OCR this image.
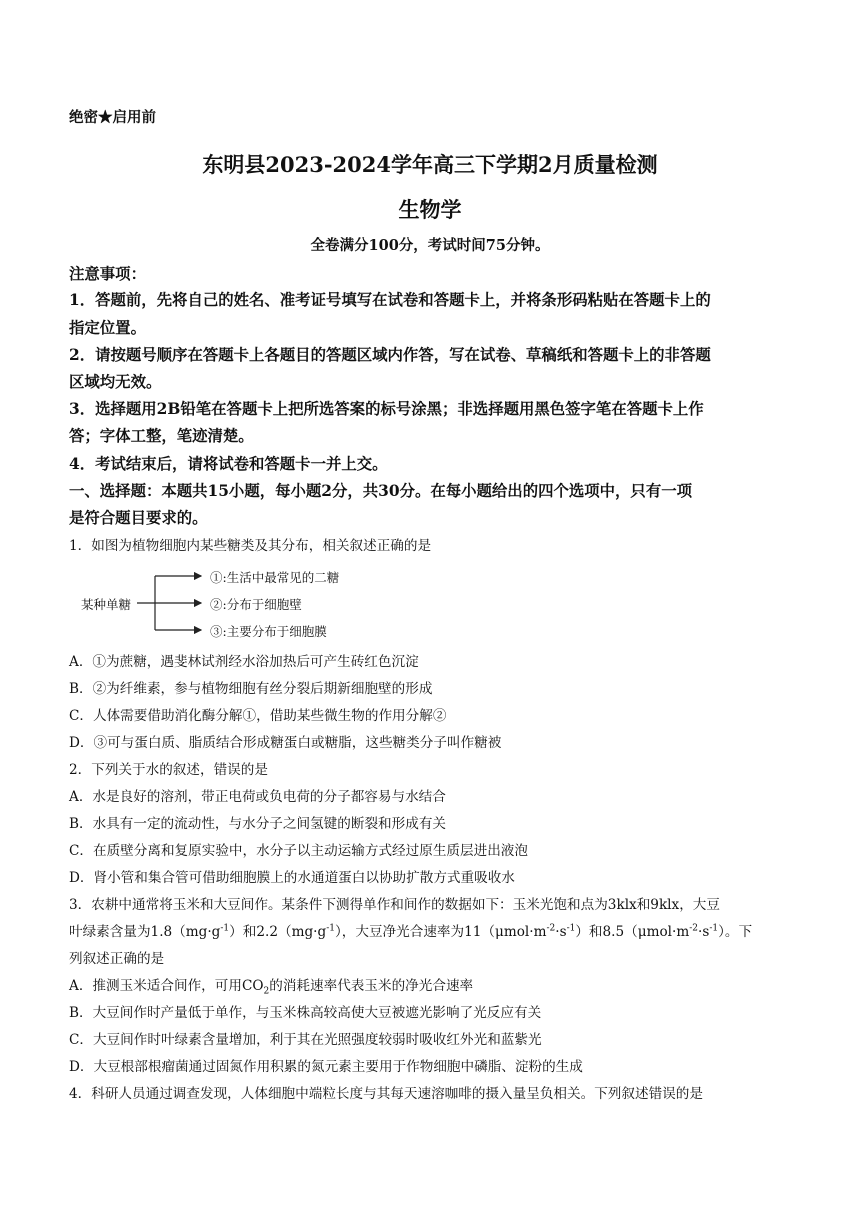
绝密★启用前
东明县2023-2024学年高三下学期2月质量检测
生物学
全卷满分100分，考试时间75分钟。
注意事项：
1．答题前，先将自己的姓名、准考证号填写在试卷和答题卡上，并将条形码粘贴在答题卡上的
指定位置。
2．请按题号顺序在答题卡上各题目的答题区域内作答，写在试卷、草稿纸和答题卡上的非答题
区域均无效。
3．选择题用2B铅笔在答题卡上把所选答案的标号涂黑；非选择题用黑色签字笔在答题卡上作
答；字体工整，笔迹清楚。
4．考试结束后，请将试卷和答题卡一并上交。
一、选择题：本题共15小题，每小题2分，共30分。在每小题给出的四个选项中，只有一项
是符合题目要求的。
1．如图为植物细胞内某些糖类及其分布，相关叙述正确的是
某种单糖
①:生活中最常见的二糖
②:分布于细胞壁
③:主要分布于细胞膜
A．①为蔗糖，遇斐林试剂经水浴加热后可产生砖红色沉淀
B．②为纤维素，参与植物细胞有丝分裂后期新细胞壁的形成
C．人体需要借助消化酶分解①，借助某些微生物的作用分解②
D．③可与蛋白质、脂质结合形成糖蛋白或糖脂，这些糖类分子叫作糖被
2．下列关于水的叙述，错误的是
A．水是良好的溶剂，带正电荷或负电荷的分子都容易与水结合
B．水具有一定的流动性，与水分子之间氢键的断裂和形成有关
C．在质壁分离和复原实验中，水分子以主动运输方式经过原生质层进出液泡
D．肾小管和集合管可借助细胞膜上的水通道蛋白以协助扩散方式重吸收水
3．农耕中通常将玉米和大豆间作。某条件下测得单作和间作的数据如下：玉米光饱和点为3klx和9klx，大豆
叶绿素含量为$1.8(mg\cdot g^{-1})$和$2.2(mg\cdot g^{-1})$，大豆净光合速率为$11(\mu mol\cdot m^{-2}\cdot s^{-1})$和$8.5(\mu mol\cdot m^{-2}\cdot s^{-1})$。下
列叙述正确的是
A．推测玉米适合间作，可用$CO_2$的消耗速率代表玉米的净光合速率
B．大豆间作时产量低于单作，与玉米株高较高使大豆被遮光影响了光反应有关
C．大豆间作时叶绿素含量增加，利于其在光照强度较弱时吸收红外光和蓝紫光
D．大豆根部根瘤菌通过固氮作用积累的氮元素主要用于作物细胞中磷脂、淀粉的生成
4．科研人员通过调查发现，人体细胞中端粒长度与其每天速溶咖啡的摄入量呈负相关。下列叙述错误的是
